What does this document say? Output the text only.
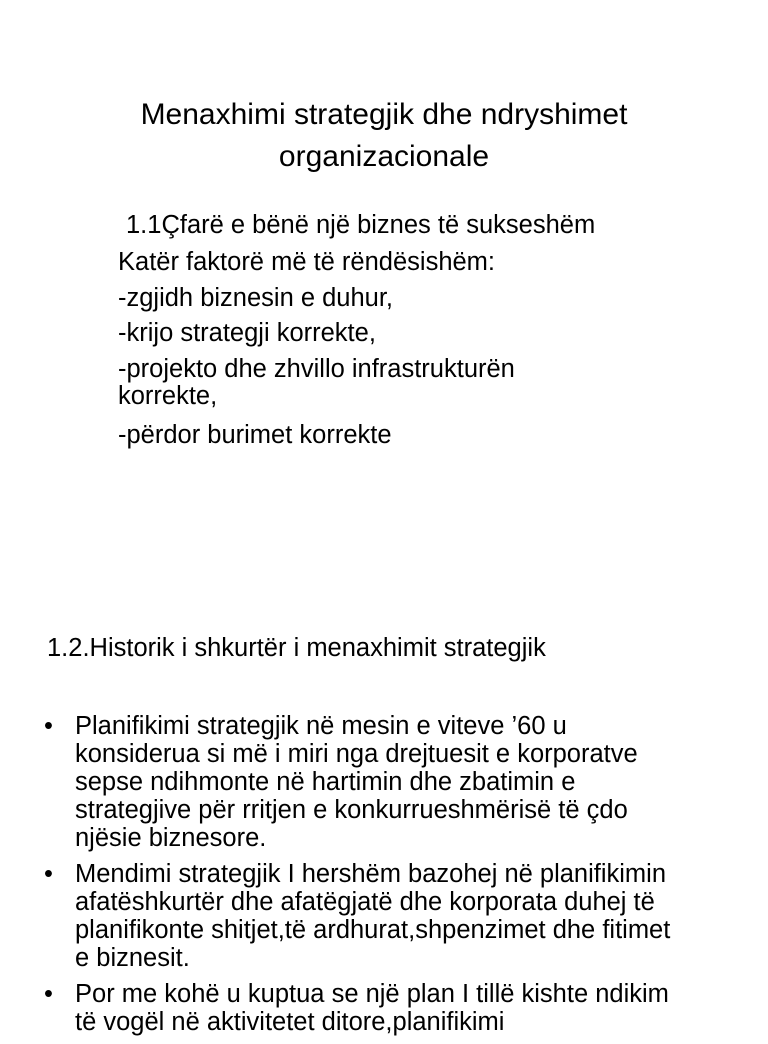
Menaxhimi strategjik dhe ndryshimet
organizacionale
1.1Çfarë e bënë një biznes të sukseshëm
Katër faktorë më të rëndësishëm:
-zgjidh biznesin e duhur,
-krijo strategji korrekte,
-projekto dhe zhvillo infrastrukturën korrekte,
-përdor burimet korrekte
1.2.Historik i shkurtër i menaxhimit strategjik
• Planifikimi strategjik në mesin e viteve ’60 u konsiderua si më i miri nga drejtuesit e korporatve sepse ndihmonte në hartimin dhe zbatimin e strategjive për rritjen e konkurrueshmërisë të çdo njësie biznesore.
• Mendimi strategjik I hershëm bazohej në planifikimin afatëshkurtër dhe afatëgjatë dhe korporata duhej të planifikonte shitjet,të ardhurat,shpenzimet dhe fitimet e biznesit.
• Por me kohë u kuptua se një plan I tillë kishte ndikim të vogël në aktivitetet ditore,planifikimi
